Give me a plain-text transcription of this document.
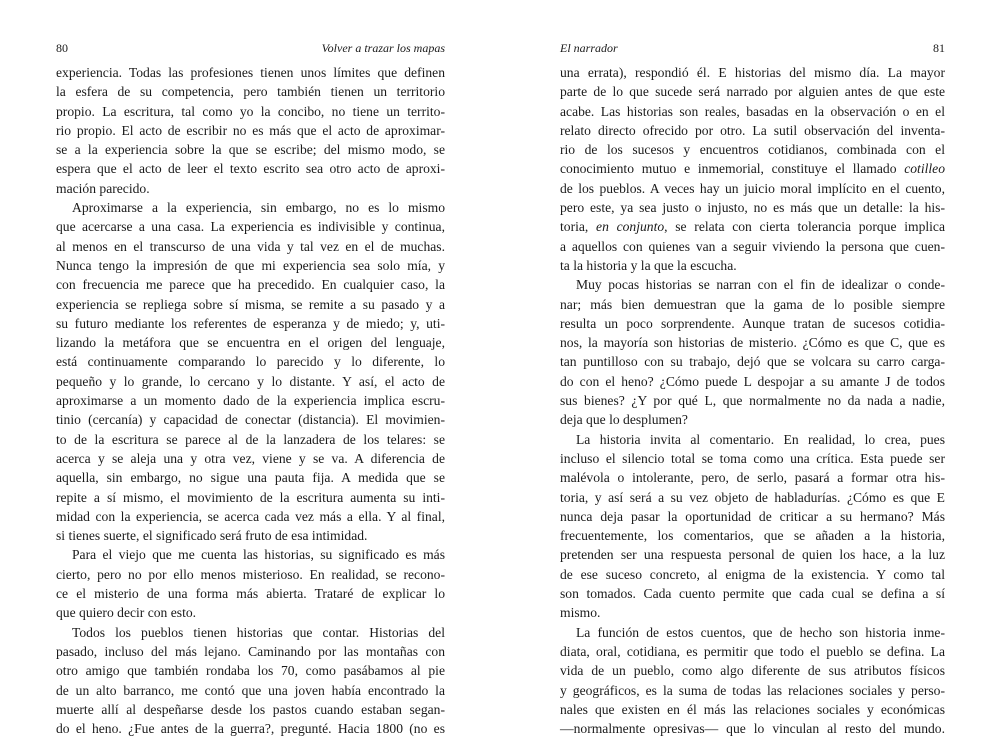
80	Volver a trazar los mapas
experiencia. Todas las profesiones tienen unos límites que definen
la esfera de su competencia, pero también tienen un territorio
propio. La escritura, tal como yo la concibo, no tiene un territo-
rio propio. El acto de escribir no es más que el acto de aproximar-
se a la experiencia sobre la que se escribe; del mismo modo, se
espera que el acto de leer el texto escrito sea otro acto de aproxi-
mación parecido.
Aproximarse a la experiencia, sin embargo, no es lo mismo
que acercarse a una casa. La experiencia es indivisible y continua,
al menos en el transcurso de una vida y tal vez en el de muchas.
Nunca tengo la impresión de que mi experiencia sea solo mía, y
con frecuencia me parece que ha precedido. En cualquier caso, la
experiencia se repliega sobre sí misma, se remite a su pasado y a
su futuro mediante los referentes de esperanza y de miedo; y, uti-
lizando la metáfora que se encuentra en el origen del lenguaje,
está continuamente comparando lo parecido y lo diferente, lo
pequeño y lo grande, lo cercano y lo distante. Y así, el acto de
aproximarse a un momento dado de la experiencia implica escru-
tinio (cercanía) y capacidad de conectar (distancia). El movimien-
to de la escritura se parece al de la lanzadera de los telares: se
acerca y se aleja una y otra vez, viene y se va. A diferencia de
aquella, sin embargo, no sigue una pauta fija. A medida que se
repite a sí mismo, el movimiento de la escritura aumenta su inti-
midad con la experiencia, se acerca cada vez más a ella. Y al final,
si tienes suerte, el significado será fruto de esa intimidad.
Para el viejo que me cuenta las historias, su significado es más
cierto, pero no por ello menos misterioso. En realidad, se recono-
ce el misterio de una forma más abierta. Trataré de explicar lo
que quiero decir con esto.
Todos los pueblos tienen historias que contar. Historias del
pasado, incluso del más lejano. Caminando por las montañas con
otro amigo que también rondaba los 70, como pasábamos al pie
de un alto barranco, me contó que una joven había encontrado la
muerte allí al despeñarse desde los pastos cuando estaban segan-
do el heno. ¿Fue antes de la guerra?, pregunté. Hacia 1800 (no es
El narrador	81
una errata), respondió él. E historias del mismo día. La mayor
parte de lo que sucede será narrado por alguien antes de que este
acabe. Las historias son reales, basadas en la observación o en el
relato directo ofrecido por otro. La sutil observación del inventa-
rio de los sucesos y encuentros cotidianos, combinada con el
conocimiento mutuo e inmemorial, constituye el llamado cotilleo
de los pueblos. A veces hay un juicio moral implícito en el cuento,
pero este, ya sea justo o injusto, no es más que un detalle: la his-
toria, en conjunto, se relata con cierta tolerancia porque implica
a aquellos con quienes van a seguir viviendo la persona que cuen-
ta la historia y la que la escucha.
Muy pocas historias se narran con el fin de idealizar o conde-
nar; más bien demuestran que la gama de lo posible siempre
resulta un poco sorprendente. Aunque tratan de sucesos cotidia-
nos, la mayoría son historias de misterio. ¿Cómo es que C, que es
tan puntilloso con su trabajo, dejó que se volcara su carro carga-
do con el heno? ¿Cómo puede L despojar a su amante J de todos
sus bienes? ¿Y por qué L, que normalmente no da nada a nadie,
deja que lo desplumen?
La historia invita al comentario. En realidad, lo crea, pues
incluso el silencio total se toma como una crítica. Esta puede ser
malévola o intolerante, pero, de serlo, pasará a formar otra his-
toria, y así será a su vez objeto de habladurías. ¿Cómo es que E
nunca deja pasar la oportunidad de criticar a su hermano? Más
frecuentemente, los comentarios, que se añaden a la historia,
pretenden ser una respuesta personal de quien los hace, a la luz
de ese suceso concreto, al enigma de la existencia. Y como tal
son tomados. Cada cuento permite que cada cual se defina a sí
mismo.
La función de estos cuentos, que de hecho son historia inme-
diata, oral, cotidiana, es permitir que todo el pueblo se defina. La
vida de un pueblo, como algo diferente de sus atributos físicos
y geográficos, es la suma de todas las relaciones sociales y perso-
nales que existen en él más las relaciones sociales y económicas
—normalmente opresivas— que lo vinculan al resto del mundo.
